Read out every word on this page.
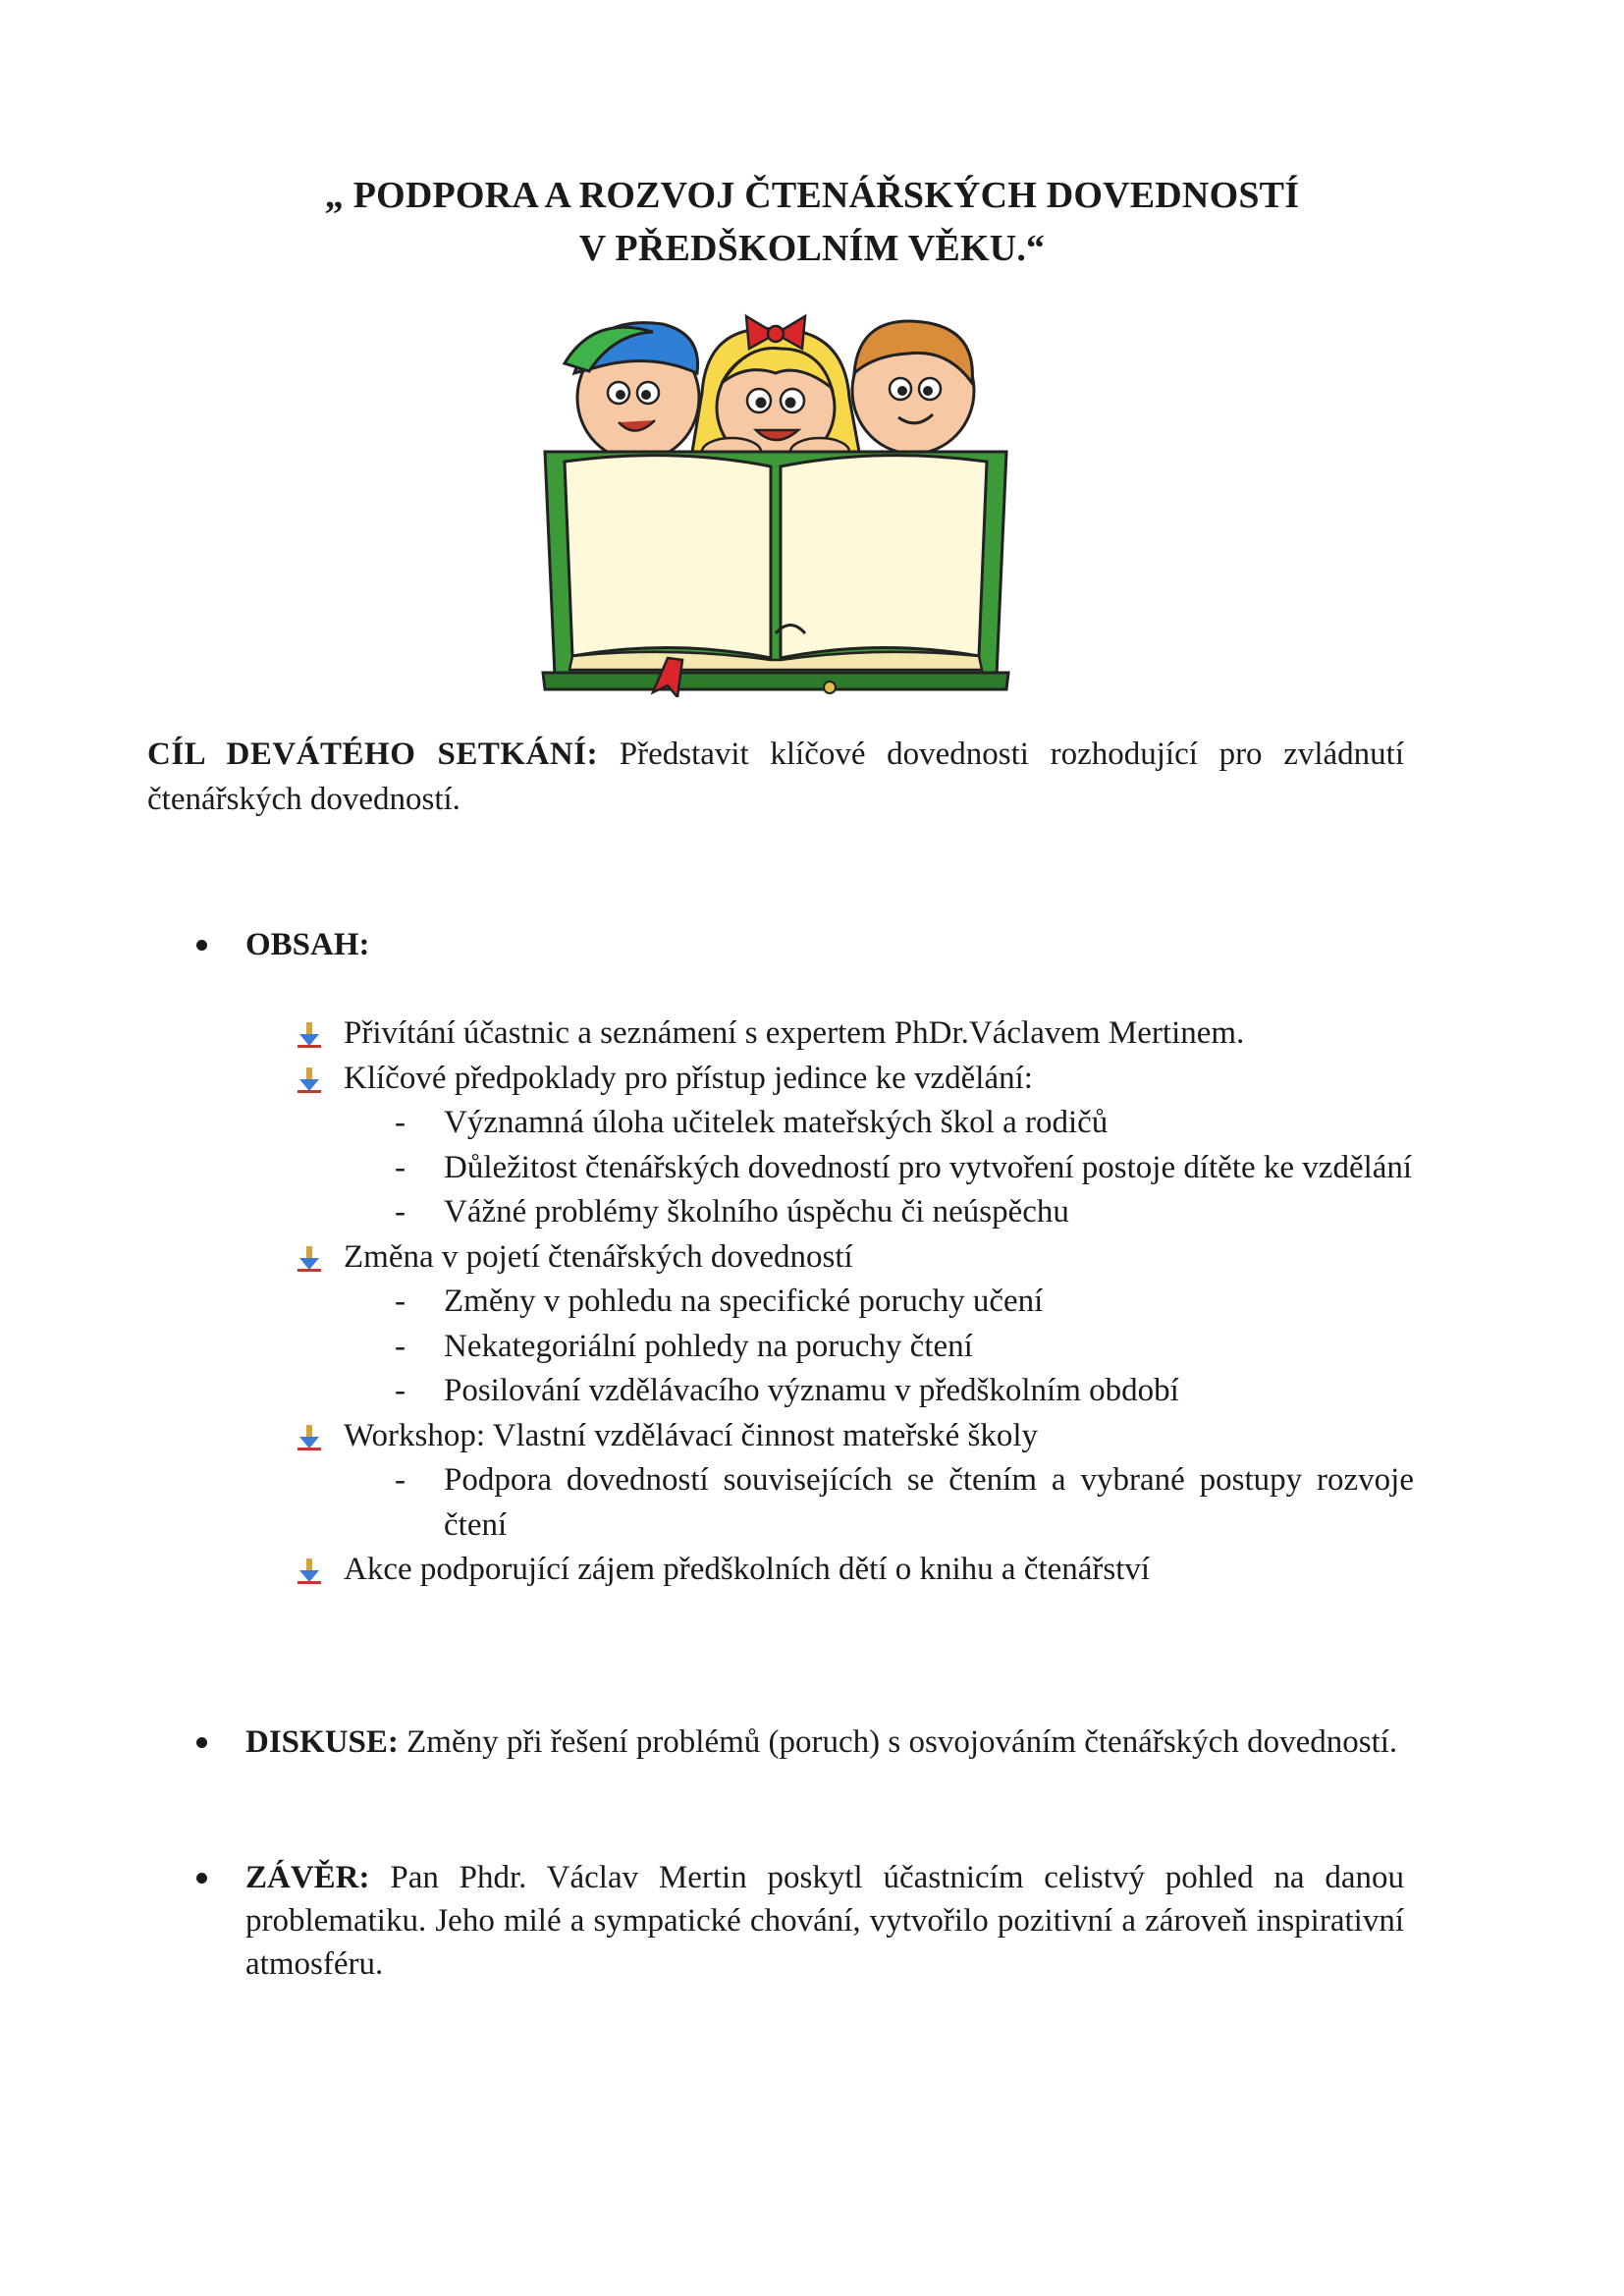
„ PODPORA A ROZVOJ ČTENÁŘSKÝCH DOVEDNOSTÍ
V PŘEDŠKOLNÍM VĚKU.“
CÍL DEVÁTÉHO SETKÁNÍ: Představit klíčové dovednosti rozhodující pro zvládnutí čtenářských dovedností.
OBSAH:
Přivítání účastnic a seznámení s expertem PhDr.Václavem Mertinem.
Klíčové předpoklady pro přístup jedince ke vzdělání:
- Významná úloha učitelek mateřských škol a rodičů
- Důležitost čtenářských dovedností pro vytvoření postoje dítěte ke vzdělání
- Vážné problémy školního úspěchu či neúspěchu
Změna v pojetí čtenářských dovedností
- Změny v pohledu na specifické poruchy učení
- Nekategoriální pohledy na poruchy čtení
- Posilování vzdělávacího významu v předškolním období
Workshop: Vlastní vzdělávací činnost mateřské školy
- Podpora dovedností souvisejících se čtením a vybrané postupy rozvoje čtení
Akce podporující zájem předškolních dětí o knihu a čtenářství
DISKUSE: Změny při řešení problémů (poruch) s osvojováním čtenářských dovedností.
ZÁVĚR: Pan Phdr. Václav Mertin poskytl účastnicím celistvý pohled na danou problematiku. Jeho milé a sympatické chování, vytvořilo pozitivní a zároveň inspirativní atmosféru.
